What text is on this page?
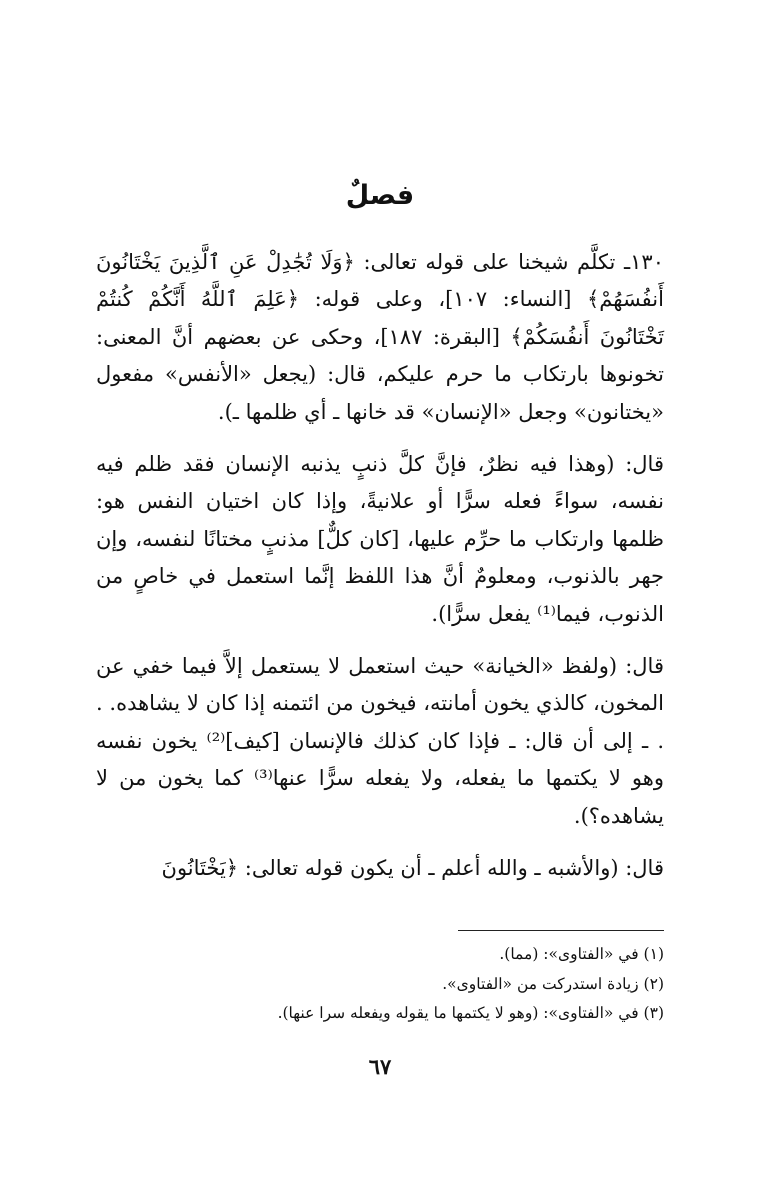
فصلٌ

١٣٠ـ تكلَّم شيخنا على قوله تعالى: ﴿وَلَا تُجَٰدِلْ عَنِ ٱلَّذِينَ يَخْتَانُونَ أَنفُسَهُمْ﴾ [النساء: ١٠٧]، وعلى قوله: ﴿عَلِمَ ٱللَّهُ أَنَّكُمْ كُنتُمْ تَخْتَانُونَ أَنفُسَكُمْ﴾ [البقرة: ١٨٧]، وحكى عن بعضهم أنَّ المعنى: تخونوها بارتكاب ما حرم عليكم، قال: (يجعل «الأنفس» مفعول «يختانون» وجعل «الإنسان» قد خانها ـ أي ظلمها ـ).

قال: (وهذا فيه نظرٌ، فإنَّ كلَّ ذنبٍ يذنبه الإنسان فقد ظلم فيه نفسه، سواءً فعله سرًّا أو علانيةً، وإذا كان اختيان النفس هو: ظلمها وارتكاب ما حرِّم عليها، [كان كلٌّ] مذنبٍ مختانًا لنفسه، وإن جهر بالذنوب، ومعلومٌ أنَّ هذا اللفظ إنَّما استعمل في خاصٍ من الذنوب، فيما⁽¹⁾ يفعل سرًّا).

قال: (ولفظ «الخيانة» حيث استعمل لا يستعمل إلاَّ فيما خفي عن المخون، كالذي يخون أمانته، فيخون من ائتمنه إذا كان لا يشاهده. . . ـ إلى أن قال: ـ فإذا كان كذلك فالإنسان [كيف]⁽²⁾ يخون نفسه وهو لا يكتمها ما يفعله، ولا يفعله سرًّا عنها⁽³⁾ كما يخون من لا يشاهده؟).

قال: (والأشبه ـ والله أعلم ـ أن يكون قوله تعالى: ﴿يَخْتَانُونَ

(١) في «الفتاوى»: (مما).

(٢) زيادة استدركت من «الفتاوى».

(٣) في «الفتاوى»: (وهو لا يكتمها ما يقوله ويفعله سرا عنها).

٦٧
